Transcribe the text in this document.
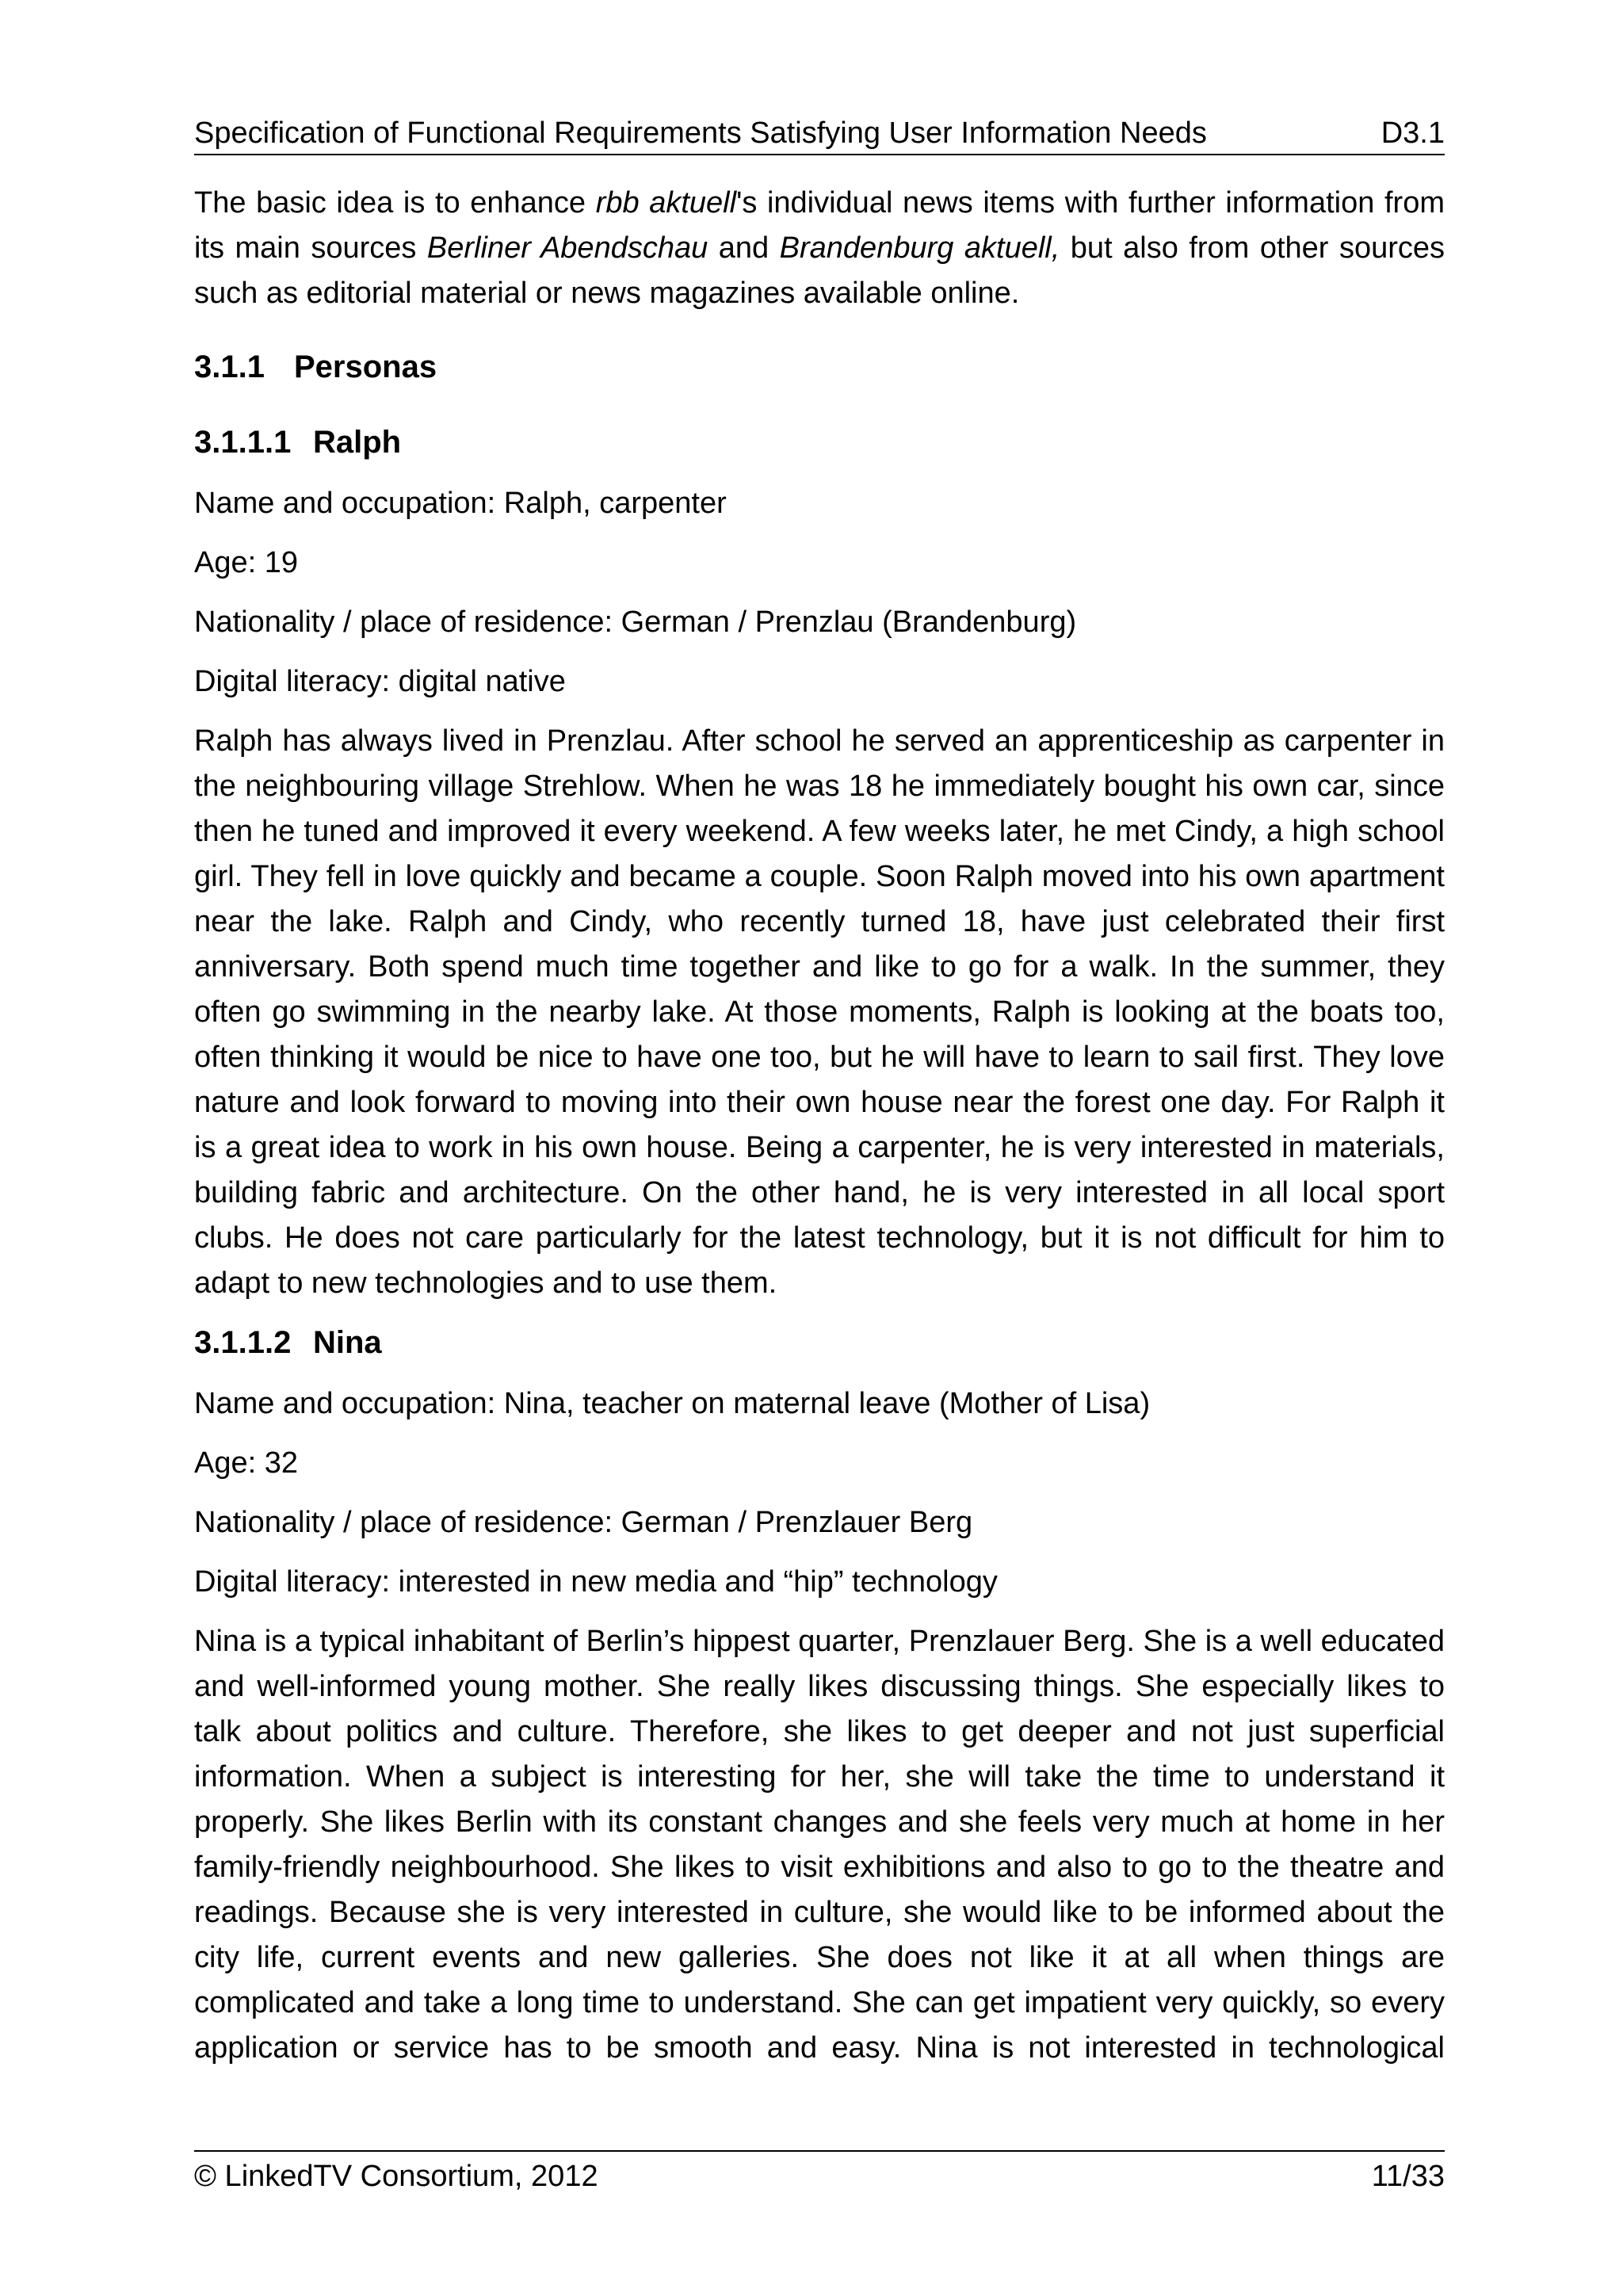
Specification of Functional Requirements Satisfying User Information Needs	D3.1

The basic idea is to enhance rbb aktuell's individual news items with further information from its main sources Berliner Abendschau and Brandenburg aktuell, but also from other sources such as editorial material or news magazines available online.

3.1.1 Personas
3.1.1.1 Ralph

Name and occupation: Ralph, carpenter

Age: 19

Nationality / place of residence: German / Prenzlau (Brandenburg)

Digital literacy: digital native

Ralph has always lived in Prenzlau. After school he served an apprenticeship as carpenter in the neighbouring village Strehlow. When he was 18 he immediately bought his own car, since then he tuned and improved it every weekend. A few weeks later, he met Cindy, a high school girl. They fell in love quickly and became a couple. Soon Ralph moved into his own apartment near the lake. Ralph and Cindy, who recently turned 18, have just celebrated their first anniversary. Both spend much time together and like to go for a walk. In the summer, they often go swimming in the nearby lake. At those moments, Ralph is looking at the boats too, often thinking it would be nice to have one too, but he will have to learn to sail first. They love nature and look forward to moving into their own house near the forest one day. For Ralph it is a great idea to work in his own house. Being a carpenter, he is very interested in materials, building fabric and architecture. On the other hand, he is very interested in all local sport clubs. He does not care particularly for the latest technology, but it is not difficult for him to adapt to new technologies and to use them.

3.1.1.2 Nina

Name and occupation: Nina, teacher on maternal leave (Mother of Lisa)

Age: 32

Nationality / place of residence: German / Prenzlauer Berg

Digital literacy: interested in new media and “hip” technology

Nina is a typical inhabitant of Berlin’s hippest quarter, Prenzlauer Berg. She is a well educated and well-informed young mother. She really likes discussing things. She especially likes to talk about politics and culture. Therefore, she likes to get deeper and not just superficial information. When a subject is interesting for her, she will take the time to understand it properly. She likes Berlin with its constant changes and she feels very much at home in her family-friendly neighbourhood. She likes to visit exhibitions and also to go to the theatre and readings. Because she is very interested in culture, she would like to be informed about the city life, current events and new galleries. She does not like it at all when things are complicated and take a long time to understand. She can get impatient very quickly, so every application or service has to be smooth and easy. Nina is not interested in technological

© LinkedTV Consortium, 2012	11/33
